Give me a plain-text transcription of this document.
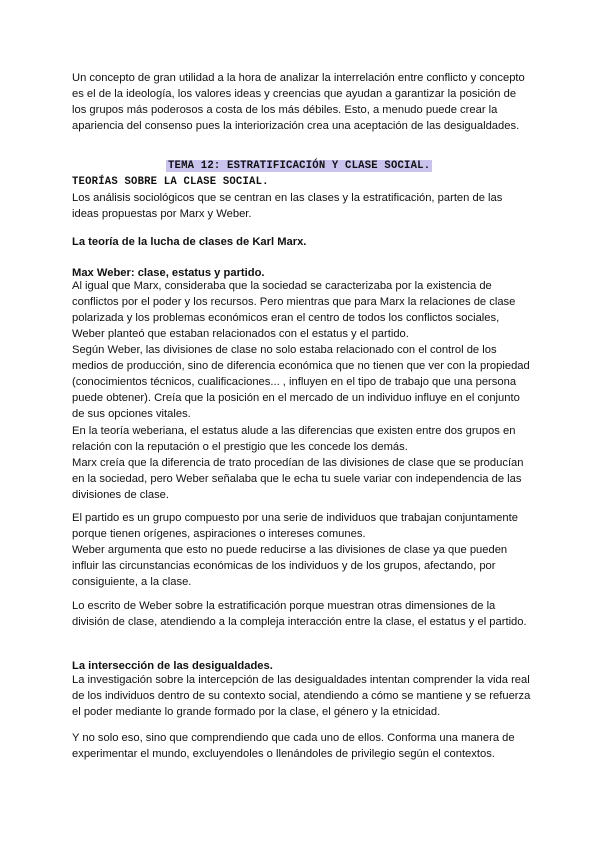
Un concepto de gran utilidad a la hora de analizar la interrelación entre conflicto y concepto

es el de la ideología, los valores ideas y creencias que ayudan a garantizar la posición de

los grupos más poderosos a costa de los más débiles. Esto, a menudo puede crear la

apariencia del consenso pues la interiorización crea una aceptación de las desigualdades.

TEMA 12: ESTRATIFICACIÓN Y CLASE SOCIAL.
TEORÍAS SOBRE LA CLASE SOCIAL.

Los análisis sociológicos que se centran en las clases y la estratificación, parten de las

ideas propuestas por Marx y Weber.

La teoría de la lucha de clases de Karl Marx.
Max Weber: clase, estatus y partido.

Al igual que Marx, consideraba que la sociedad se caracterizaba por la existencia de

conflictos por el poder y los recursos. Pero mientras que para Marx la relaciones de clase

polarizada y los problemas económicos eran el centro de todos los conflictos sociales,

Weber planteó que estaban relacionados con el estatus y el partido.

Según Weber, las divisiones de clase no solo estaba relacionado con el control de los

medios de producción, sino de diferencia económica que no tienen que ver con la propiedad

(conocimientos técnicos, cualificaciones... , influyen en el tipo de trabajo que una persona

puede obtener). Creía que la posición en el mercado de un individuo influye en el conjunto

de sus opciones vitales.

En la teoría weberiana, el estatus alude a las diferencias que existen entre dos grupos en

relación con la reputación o el prestigio que les concede los demás.

Marx creía que la diferencia de trato procedían de las divisiones de clase que se producían

en la sociedad, pero Weber señalaba que le echa tu suele variar con independencia de las

divisiones de clase.

El partido es un grupo compuesto por una serie de individuos que trabajan conjuntamente

porque tienen orígenes, aspiraciones o intereses comunes.

Weber argumenta que esto no puede reducirse a las divisiones de clase ya que pueden

influir las circunstancias económicas de los individuos y de los grupos, afectando, por

consiguiente, a la clase.

Lo escrito de Weber sobre la estratificación porque muestran otras dimensiones de la

división de clase, atendiendo a la compleja interacción entre la clase, el estatus y el partido.

La intersección de las desigualdades.

La investigación sobre la intercepción de las desigualdades intentan comprender la vida real

de los individuos dentro de su contexto social, atendiendo a cómo se mantiene y se refuerza

el poder mediante lo grande formado por la clase, el género y la etnicidad.

Y no solo eso, sino que comprendiendo que cada uno de ellos. Conforma una manera de

experimentar el mundo, excluyendoles o llenándoles de privilegio según el contextos.
